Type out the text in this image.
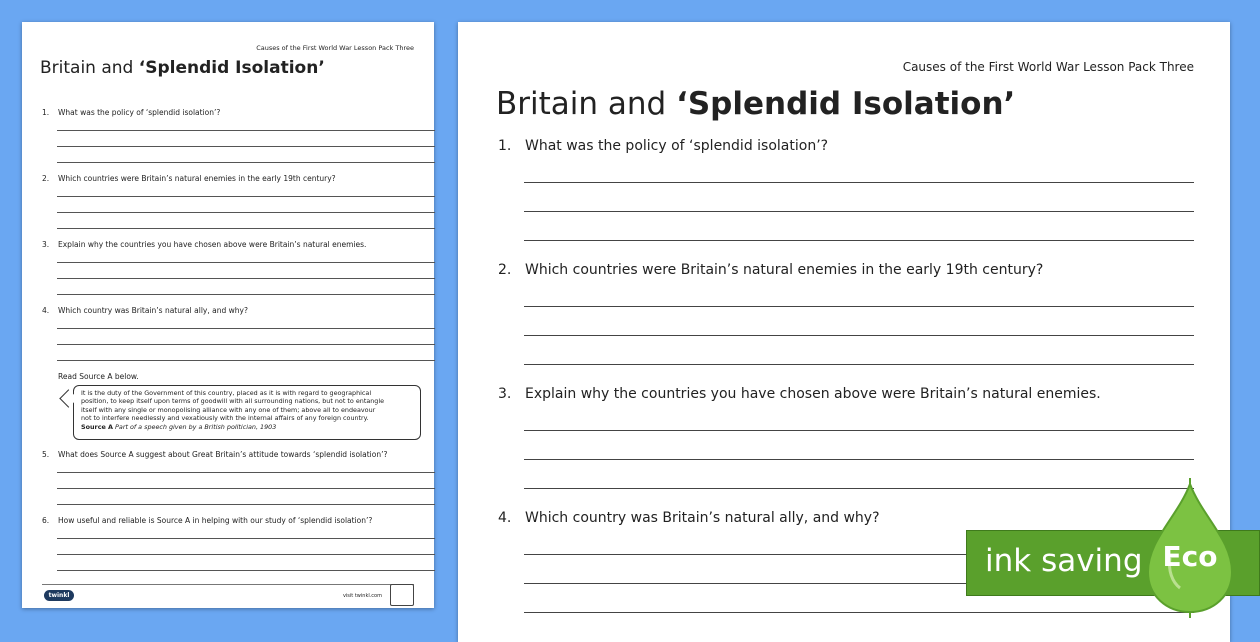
Causes of the First World War Lesson Pack Three
Britain and ‘Splendid Isolation’
1. What was the policy of ‘splendid isolation’?
2. Which countries were Britain’s natural enemies in the early 19th century?
3. Explain why the countries you have chosen above were Britain’s natural enemies.
4. Which country was Britain’s natural ally, and why?
Read Source A below.
It is the duty of the Government of this country, placed as it is with regard to geographical
position, to keep itself upon terms of goodwill with all surrounding nations, but not to entangle
itself with any single or monopolising alliance with any one of them; above all to endeavour
not to interfere needlessly and vexatiously with the internal affairs of any foreign country.
Source A Part of a speech given by a British politician, 1903
5. What does Source A suggest about Great Britain’s attitude towards ‘splendid isolation’?
6. How useful and reliable is Source A in helping with our study of ‘splendid isolation’?
twinkl	visit twinkl.com
Causes of the First World War Lesson Pack Three
Britain and ‘Splendid Isolation’
1. What was the policy of ‘splendid isolation’?
2. Which countries were Britain’s natural enemies in the early 19th century?
3. Explain why the countries you have chosen above were Britain’s natural enemies.
4. Which country was Britain’s natural ally, and why?
ink saving Eco
